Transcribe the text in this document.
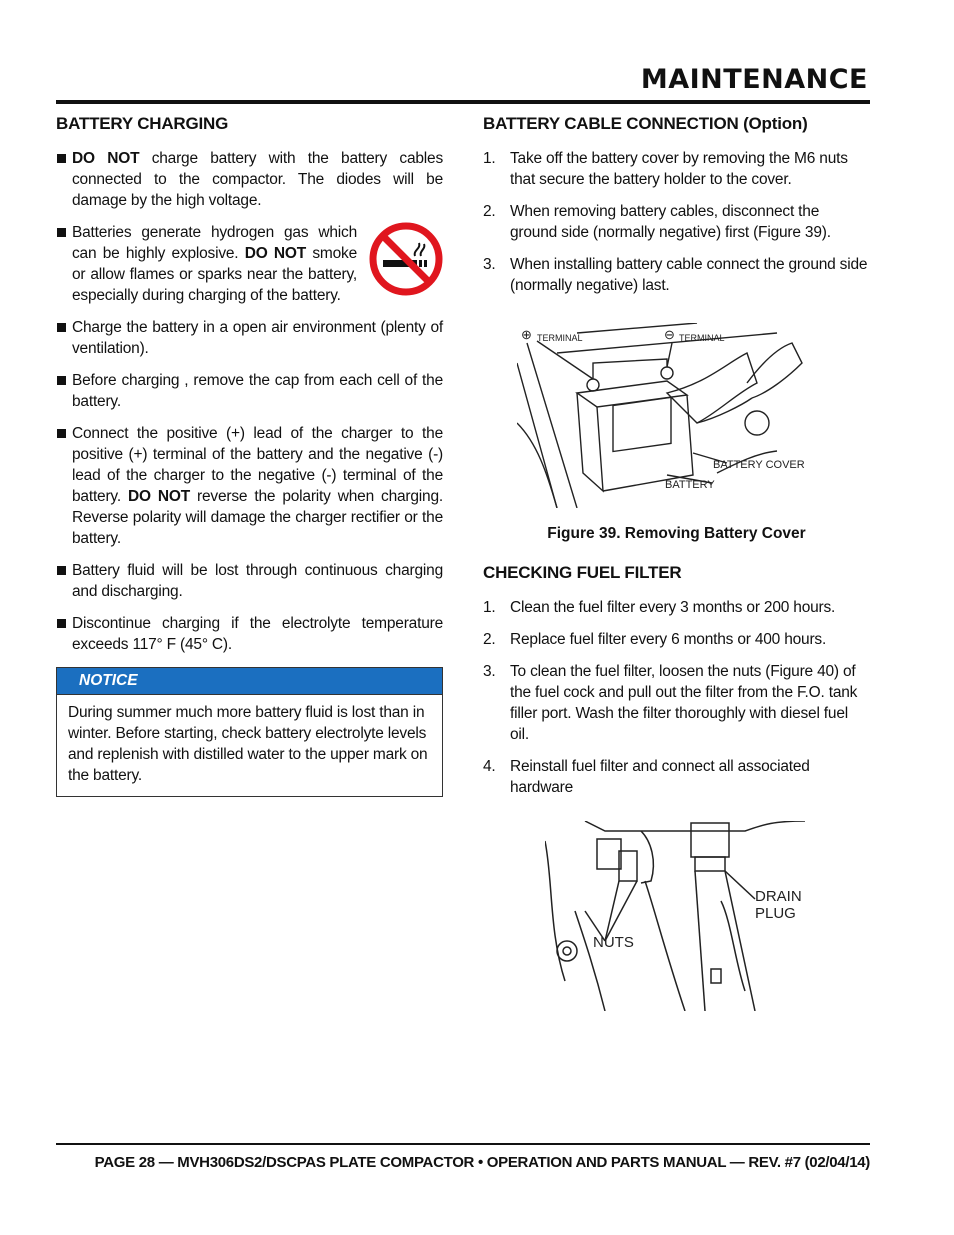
MAINTENANCE
BATTERY CHARGING
DO NOT charge battery with the battery cables connected to the compactor. The diodes will be damage by the high voltage.
Batteries generate hydrogen gas which can be highly explosive. DO NOT smoke or allow flames or sparks near the battery, especially during charging of the battery.
Charge the battery in a open air environment (plenty of ventilation).
Before charging , remove the cap from each cell of the battery.
Connect the positive (+) lead of the charger to the positive (+) terminal of the battery and the negative (-) lead of the charger to the negative (-) terminal of the battery. DO NOT reverse the polarity when charging. Reverse polarity will damage the charger rectifier or the battery.
Battery fluid will be lost through continuous charging and discharging.
Discontinue charging if the electrolyte temperature exceeds 117° F (45° C).
NOTICE
During summer much more battery fluid is lost than in winter. Before starting, check battery electrolyte levels and replenish with distilled water to the upper mark on the battery.
BATTERY CABLE CONNECTION (Option)
1. Take off the battery cover by removing the M6 nuts that secure the battery holder to the cover.
2. When removing battery cables, disconnect the ground side (normally negative) first (Figure 39).
3. When installing battery cable connect the ground side (normally negative) last.
⊕ TERMINAL	⊖ TERMINAL
BATTERY COVER
BATTERY
Figure 39. Removing Battery Cover
CHECKING FUEL FILTER
1. Clean the fuel filter every 3 months or 200 hours.
2. Replace fuel filter every 6 months or 400 hours.
3. To clean the fuel filter, loosen the nuts (Figure 40) of the fuel cock and pull out the filter from the F.O. tank filler port. Wash the filter thoroughly with diesel fuel oil.
4. Reinstall fuel filter and connect all associated hardware
DRAIN
PLUG
NUTS
PAGE 28 — MVH306DS2/DSCPAS PLATE COMPACTOR • OPERATION AND PARTS MANUAL — REV. #7 (02/04/14)
